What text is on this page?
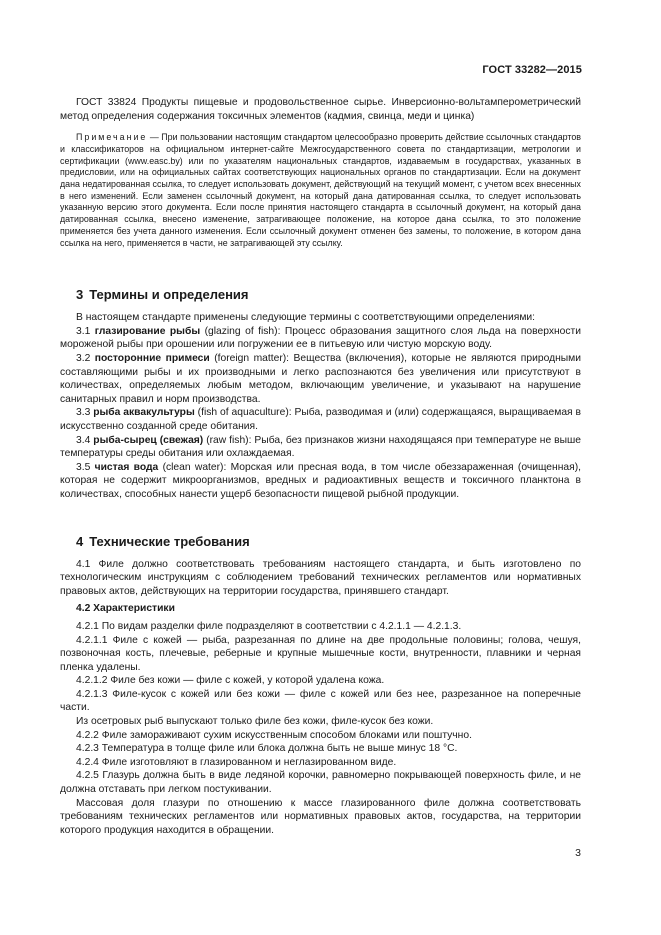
ГОСТ 33282—2015

ГОСТ 33824 Продукты пищевые и продовольственное сырье. Инверсионно-вольтамперометрический метод определения содержания токсичных элементов (кадмия, свинца, меди и цинка)

Примечание — При пользовании настоящим стандартом целесообразно проверить действие ссылочных стандартов и классификаторов на официальном интернет-сайте Межгосударственного совета по стандартизации, метрологии и сертификации (www.easc.by) или по указателям национальных стандартов, издаваемым в государствах, указанных в предисловии, или на официальных сайтах соответствующих национальных органов по стандартизации. Если на документ дана недатированная ссылка, то следует использовать документ, действующий на текущий момент, с учетом всех внесенных в него изменений. Если заменен ссылочный документ, на который дана датированная ссылка, то следует использовать указанную версию этого документа. Если после принятия настоящего стандарта в ссылочный документ, на который дана датированная ссылка, внесено изменение, затрагивающее положение, на которое дана ссылка, то это положение применяется без учета данного изменения. Если ссылочный документ отменен без замены, то положение, в котором дана ссылка на него, применяется в части, не затрагивающей эту ссылку.

3 Термины и определения

В настоящем стандарте применены следующие термины с соответствующими определениями:

3.1 глазирование рыбы (glazing of fish): Процесс образования защитного слоя льда на поверхности мороженой рыбы при орошении или погружении ее в питьевую или чистую морскую воду.

3.2 посторонние примеси (foreign matter): Вещества (включения), которые не являются природными составляющими рыбы и их производными и легко распознаются без увеличения или присутствуют в количествах, определяемых любым методом, включающим увеличение, и указывают на нарушение санитарных правил и норм производства.

3.3 рыба аквакультуры (fish of aquaculture): Рыба, разводимая и (или) содержащаяся, выращиваемая в искусственно созданной среде обитания.

3.4 рыба-сырец (свежая) (raw fish): Рыба, без признаков жизни находящаяся при температуре не выше температуры среды обитания или охлаждаемая.

3.5 чистая вода (clean water): Морская или пресная вода, в том числе обеззараженная (очищенная), которая не содержит микроорганизмов, вредных и радиоактивных веществ и токсичного планктона в количествах, способных нанести ущерб безопасности пищевой рыбной продукции.

4 Технические требования

4.1 Филе должно соответствовать требованиям настоящего стандарта, и быть изготовлено по технологическим инструкциям с соблюдением требований технических регламентов или нормативных правовых актов, действующих на территории государства, принявшего стандарт.

4.2 Характеристики

4.2.1 По видам разделки филе подразделяют в соответствии с 4.2.1.1 — 4.2.1.3.

4.2.1.1 Филе с кожей — рыба, разрезанная по длине на две продольные половины; голова, чешуя, позвоночная кость, плечевые, реберные и крупные мышечные кости, внутренности, плавники и черная пленка удалены.

4.2.1.2 Филе без кожи — филе с кожей, у которой удалена кожа.

4.2.1.3 Филе-кусок с кожей или без кожи — филе с кожей или без нее, разрезанное на поперечные части.

Из осетровых рыб выпускают только филе без кожи, филе-кусок без кожи.

4.2.2 Филе замораживают сухим искусственным способом блоками или поштучно.

4.2.3 Температура в толще филе или блока должна быть не выше минус 18 °С.

4.2.4 Филе изготовляют в глазированном и неглазированном виде.

4.2.5 Глазурь должна быть в виде ледяной корочки, равномерно покрывающей поверхность филе, и не должна отставать при легком постукивании.

Массовая доля глазури по отношению к массе глазированного филе должна соответствовать требованиям технических регламентов или нормативных правовых актов, государства, на территории которого продукция находится в обращении.

3
